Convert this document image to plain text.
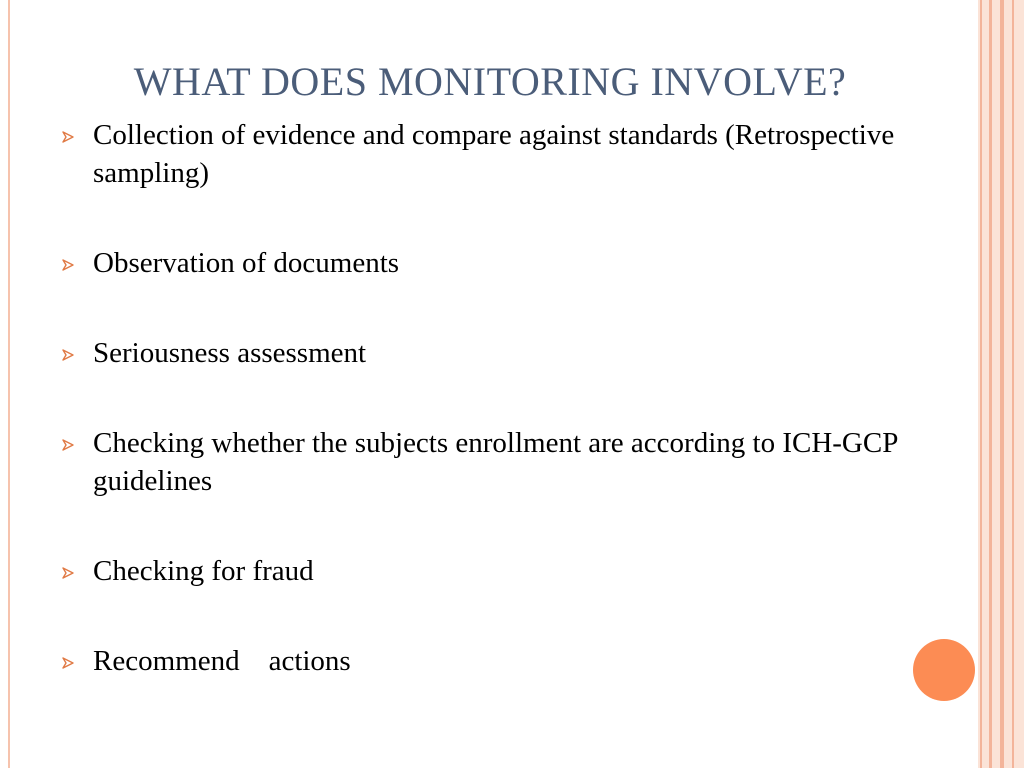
WHAT DOES MONITORING INVOLVE?
Collection of evidence and compare against standards (Retrospective sampling)
Observation of documents
Seriousness assessment
Checking whether the subjects enrollment are according to ICH-GCP guidelines
Checking for fraud
Recommend    actions
